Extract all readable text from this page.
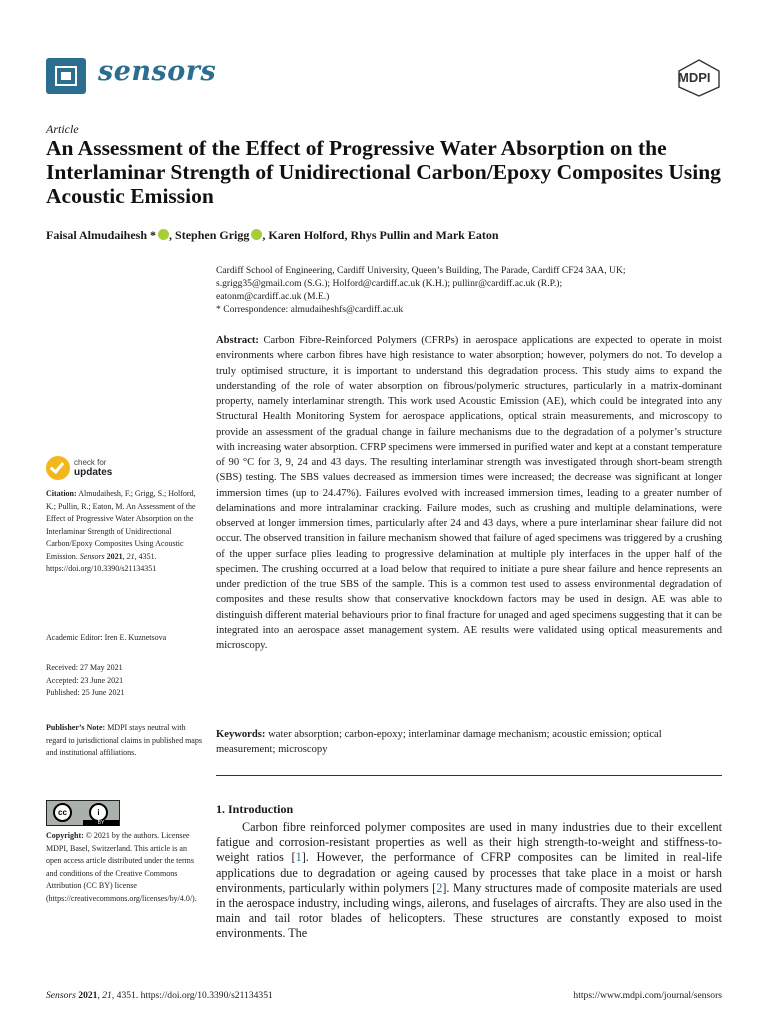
sensors	MDPI
Article
An Assessment of the Effect of Progressive Water Absorption on the Interlaminar Strength of Unidirectional Carbon/Epoxy Composites Using Acoustic Emission
Faisal Almudaihesh * , Stephen Grigg , Karen Holford, Rhys Pullin and Mark Eaton
Cardiff School of Engineering, Cardiff University, Queen’s Building, The Parade, Cardiff CF24 3AA, UK;
s.grigg35@gmail.com (S.G.); Holford@cardiff.ac.uk (K.H.); pullinr@cardiff.ac.uk (R.P.);
eatonm@cardiff.ac.uk (M.E.)
* Correspondence: almudaiheshfs@cardiff.ac.uk
Abstract: Carbon Fibre-Reinforced Polymers (CFRPs) in aerospace applications are expected to operate in moist environments where carbon fibres have high resistance to water absorption; however, polymers do not. To develop a truly optimised structure, it is important to understand this degradation process. This study aims to expand the understanding of the role of water absorption on fibrous/polymeric structures, particularly in a matrix-dominant property, namely interlaminar strength. This work used Acoustic Emission (AE), which could be integrated into any Structural Health Monitoring System for aerospace applications, optical strain measurements, and microscopy to provide an assessment of the gradual change in failure mechanisms due to the degradation of a polymer’s structure with increasing water absorption. CFRP specimens were immersed in purified water and kept at a constant temperature of 90 °C for 3, 9, 24 and 43 days. The resulting interlaminar strength was investigated through short-beam strength (SBS) testing. The SBS values decreased as immersion times were increased; the decrease was significant at longer immersion times (up to 24.47%). Failures evolved with increased immersion times, leading to a greater number of delaminations and more intralaminar cracking. Failure modes, such as crushing and multiple delaminations, were observed at longer immersion times, particularly after 24 and 43 days, where a pure interlaminar shear failure did not occur. The observed transition in failure mechanism showed that failure of aged specimens was triggered by a crushing of the upper surface plies leading to progressive delamination at multiple ply interfaces in the upper half of the specimen. The crushing occurred at a load below that required to initiate a pure shear failure and hence represents an under prediction of the true SBS of the sample. This is a common test used to assess environmental degradation of composites and these results show that conservative knockdown factors may be used in design. AE was able to distinguish different material behaviours prior to final fracture for unaged and aged specimens suggesting that it can be integrated into an aerospace asset management system. AE results were validated using optical measurements and microscopy.
Keywords: water absorption; carbon-epoxy; interlaminar damage mechanism; acoustic emission; optical measurement; microscopy
check for
updates
Citation: Almudaihesh, F.; Grigg, S.; Holford, K.; Pullin, R.; Eaton, M. An Assessment of the Effect of Progressive Water Absorption on the Interlaminar Strength of Unidirectional Carbon/Epoxy Composites Using Acoustic Emission. Sensors 2021, 21, 4351. https://doi.org/10.3390/s21134351
Academic Editor: Iren E. Kuznetsova
Received: 27 May 2021
Accepted: 23 June 2021
Published: 25 June 2021
Publisher’s Note: MDPI stays neutral with regard to jurisdictional claims in published maps and institutional affiliations.
cc	i
BY
Copyright: © 2021 by the authors. Licensee MDPI, Basel, Switzerland. This article is an open access article distributed under the terms and conditions of the Creative Commons Attribution (CC BY) license (https://creativecommons.org/licenses/by/4.0/).
1. Introduction

Carbon fibre reinforced polymer composites are used in many industries due to their excellent fatigue and corrosion-resistant properties as well as their high strength-to-weight and stiffness-to-weight ratios [1]. However, the performance of CFRP composites can be limited in real-life applications due to degradation or ageing caused by processes that take place in a moist or harsh environments, particularly within polymers [2]. Many structures made of composite materials are used in the aerospace industry, including wings, ailerons, and fuselages of aircrafts. They are also used in the main and tail rotor blades of helicopters. These structures are constantly exposed to moist environments. The

Sensors 2021, 21, 4351. https://doi.org/10.3390/s21134351	https://www.mdpi.com/journal/sensors
